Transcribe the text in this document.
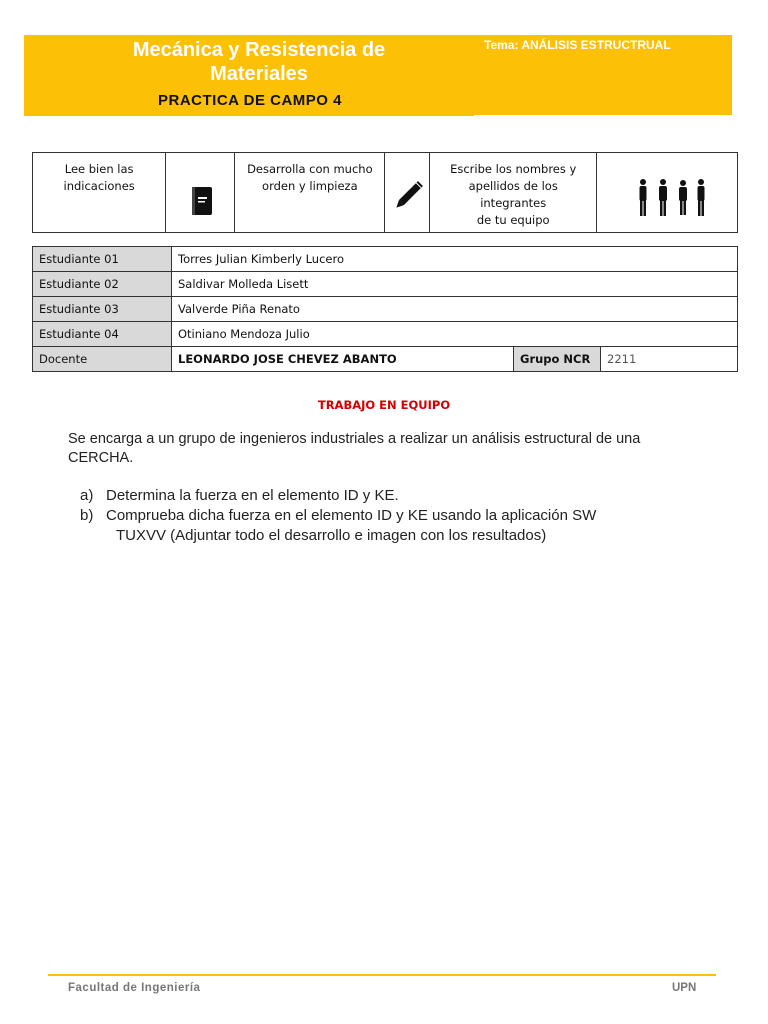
Mecánica y Resistencia de
Materiales
PRACTICA DE CAMPO 4
Tema: ANÁLISIS ESTRUCTRUAL
Lee bien las
indicaciones

Desarrolla con mucho
orden y limpieza

Escribe los nombres y
apellidos de los integrantes
de tu equipo

Estudiante 01	Torres Julian Kimberly Lucero		
Estudiante 02	Saldivar Molleda Lisett		
Estudiante 03	Valverde Piña Renato		
Estudiante 04	Otiniano Mendoza Julio		
Docente	LEONARDO JOSE CHEVEZ ABANTO	Grupo NCR	2211
TRABAJO EN EQUIPO
Se encarga a un grupo de ingenieros industriales a realizar un análisis estructural de una
CERCHA.
a) Determina la fuerza en el elemento ID y KE.
b) Comprueba dicha fuerza en el elemento ID y KE usando la aplicación SW
TUXVV (Adjuntar todo el desarrollo e imagen con los resultados)
Facultad de Ingeniería	UPN
